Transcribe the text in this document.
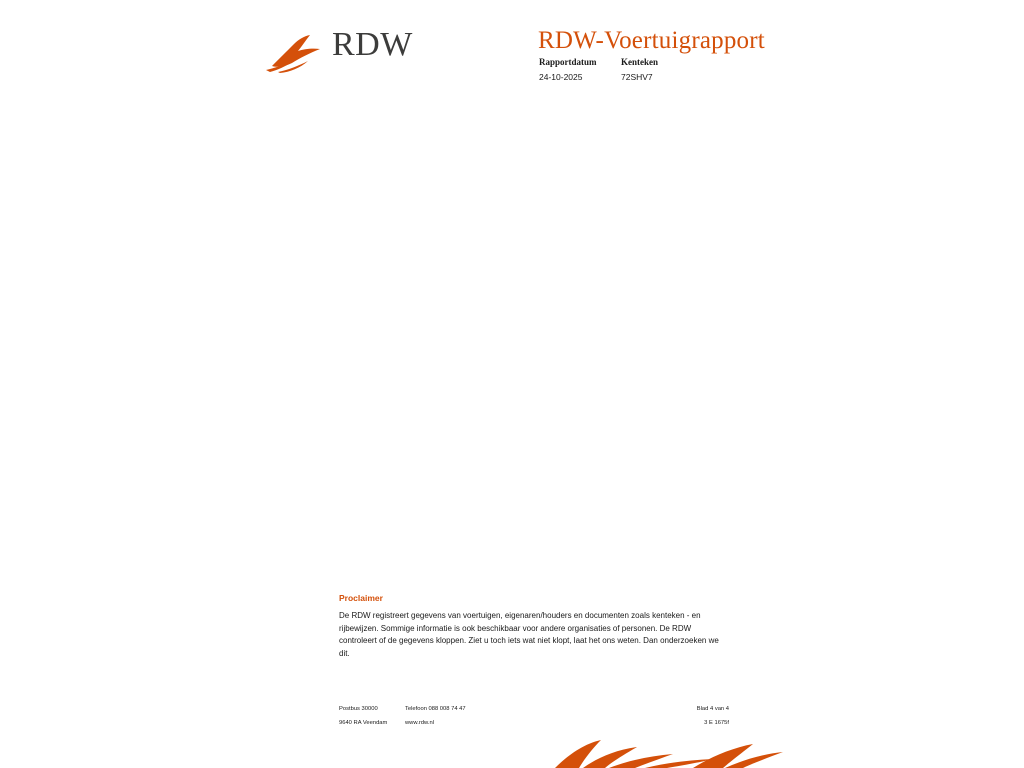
RDW	RDW-Voertuigrapport
Rapportdatum
24-10-2025
Kenteken
72SHV7
Proclaimer
De RDW registreert gegevens van voertuigen, eigenaren/houders en documenten zoals kenteken - en rijbewijzen. Sommige informatie is ook beschikbaar voor andere organisaties of personen. De RDW controleert of de gegevens kloppen. Ziet u toch iets wat niet klopt, laat het ons weten. Dan onderzoeken we dit.
Postbus 30000
9640 RA Veendam
Telefoon 088 008 74 47
www.rdw.nl
Blad 4 van 4
3 E 1675f
